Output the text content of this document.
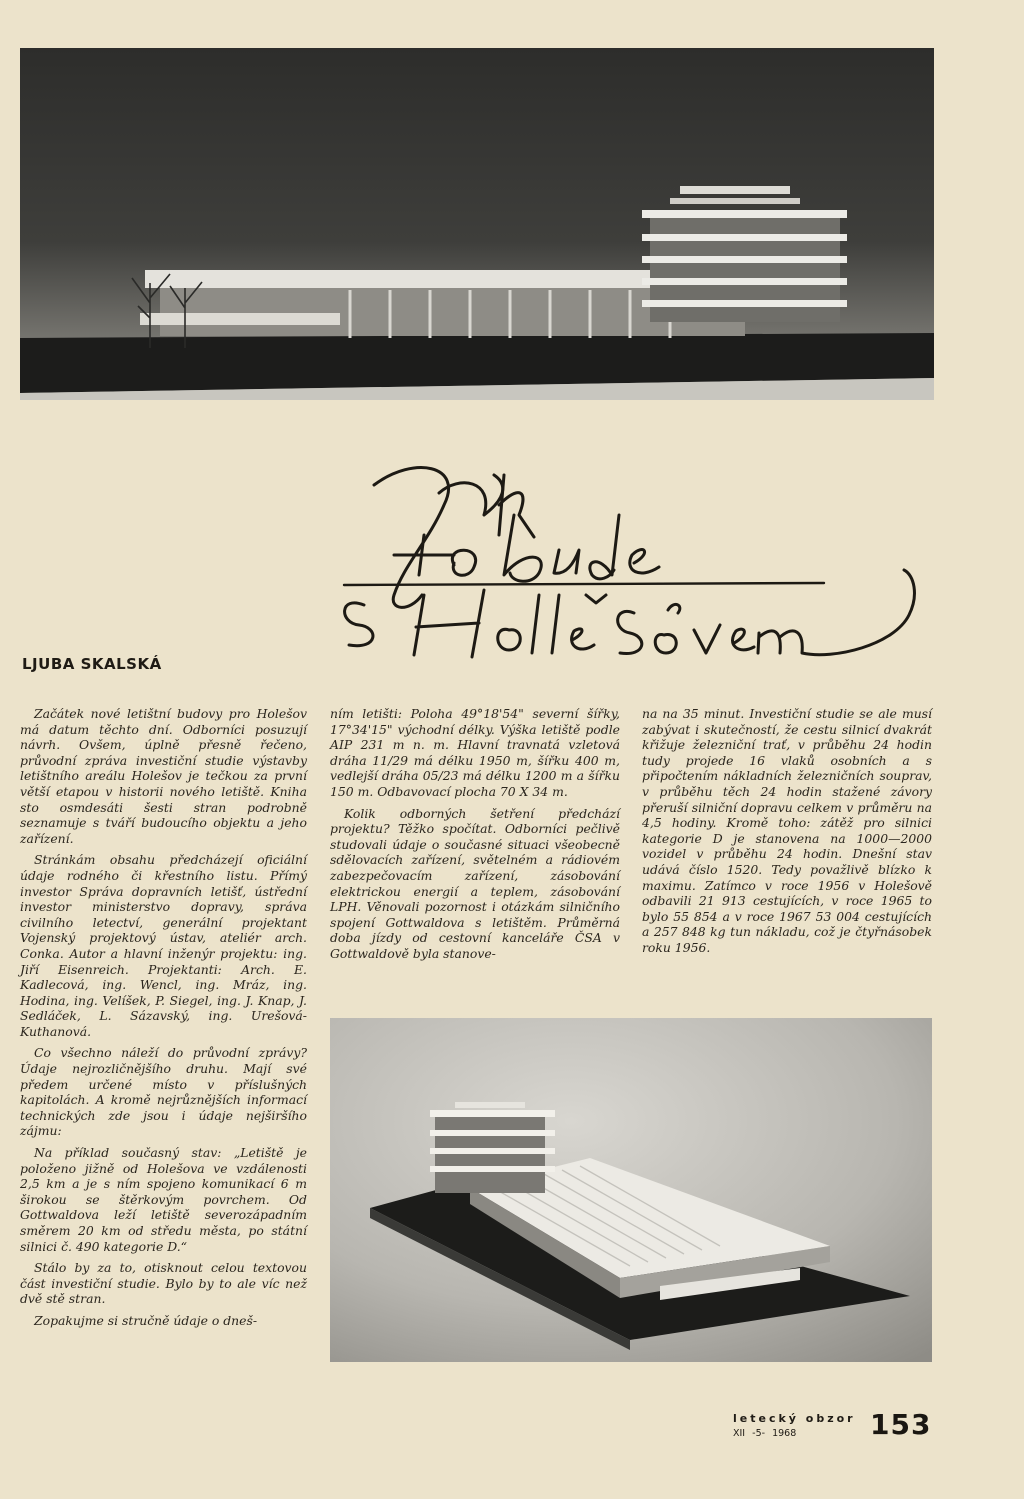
LJUBA SKALSKÁ

Začátek nové letištní budovy pro Holešov má datum těchto dní. Odborníci posuzují návrh. Ovšem, úplně přesně řečeno, průvodní zpráva investiční studie výstavby letištního areálu Holešov je tečkou za první větší etapou v historii nového letiště. Kniha sto osmdesáti šesti stran podrobně seznamuje s tváří budoucího objektu a jeho zařízení.

Stránkám obsahu předcházejí oficiální údaje rodného či křestního listu. Přímý investor Správa dopravních letišť, ústřední investor ministerstvo dopravy, správa civilního letectví, generální projektant Vojenský projektový ústav, ateliér arch. Conka. Autor a hlavní inženýr projektu: ing. Jiří Eisenreich. Projektanti: Arch. E. Kadlecová, ing. Wencl, ing. Mráz, ing. Hodina, ing. Velíšek, P. Siegel, ing. J. Knap, J. Sedláček, L. Sázavský, ing. Urešová-Kuthanová.

Co všechno náleží do průvodní zprávy? Údaje nejrozličnějšího druhu. Mají své předem určené místo v příslušných kapitolách. A kromě nejrůznějších informací technických zde jsou i údaje nejširšího zájmu:

Na příklad současný stav: „Letiště je položeno jižně od Holešova ve vzdálenosti 2,5 km a je s ním spojeno komunikací 6 m širokou se štěrkovým povrchem. Od Gottwaldova leží letiště severozápadním směrem 20 km od středu města, po státní silnici č. 490 kategorie D.“

Stálo by za to, otisknout celou textovou část investiční studie. Bylo by to ale víc než dvě stě stran.

Zopakujme si stručně údaje o dneš-

ním letišti: Poloha 49°18'54" severní šířky, 17°34'15" východní délky. Výška letiště podle AIP 231 m n. m. Hlavní travnatá vzletová dráha 11/29 má délku 1950 m, šířku 400 m, vedlejší dráha 05/23 má délku 1200 m a šířku 150 m. Odbavovací plocha 70 X 34 m.

Kolik odborných šetření předchází projektu? Těžko spočítat. Odborníci pečlivě studovali údaje o současné situaci všeobecně sdělovacích zařízení, světelném a rádiovém zabezpečovacím zařízení, zásobování elektrickou energií a teplem, zásobování LPH. Věnovali pozornost i otázkám silničního spojení Gottwaldova s letištěm. Průměrná doba jízdy od cestovní kanceláře ČSA v Gottwaldově byla stanove-

na na 35 minut. Investiční studie se ale musí zabývat i skutečností, že cestu silnicí dvakrát křižuje železniční trať, v průběhu 24 hodin tudy projede 16 vlaků osobních a s připočtením nákladních železničních souprav, v průběhu těch 24 hodin stažené závory přeruší silniční dopravu celkem v průměru na 4,5 hodiny. Kromě toho: zátěž pro silnici kategorie D je stanovena na 1000—2000 vozidel v průběhu 24 hodin. Dnešní stav udává číslo 1520. Tedy považlivě blízko k maximu. Zatímco v roce 1956 v Holešově odbavili 21 913 cestujících, v roce 1965 to bylo 55 854 a v roce 1967 53 004 cestujících a 257 848 kg tun nákladu, což je čtyřnásobek roku 1956.

letecký obzor
XII -5- 1968	153
